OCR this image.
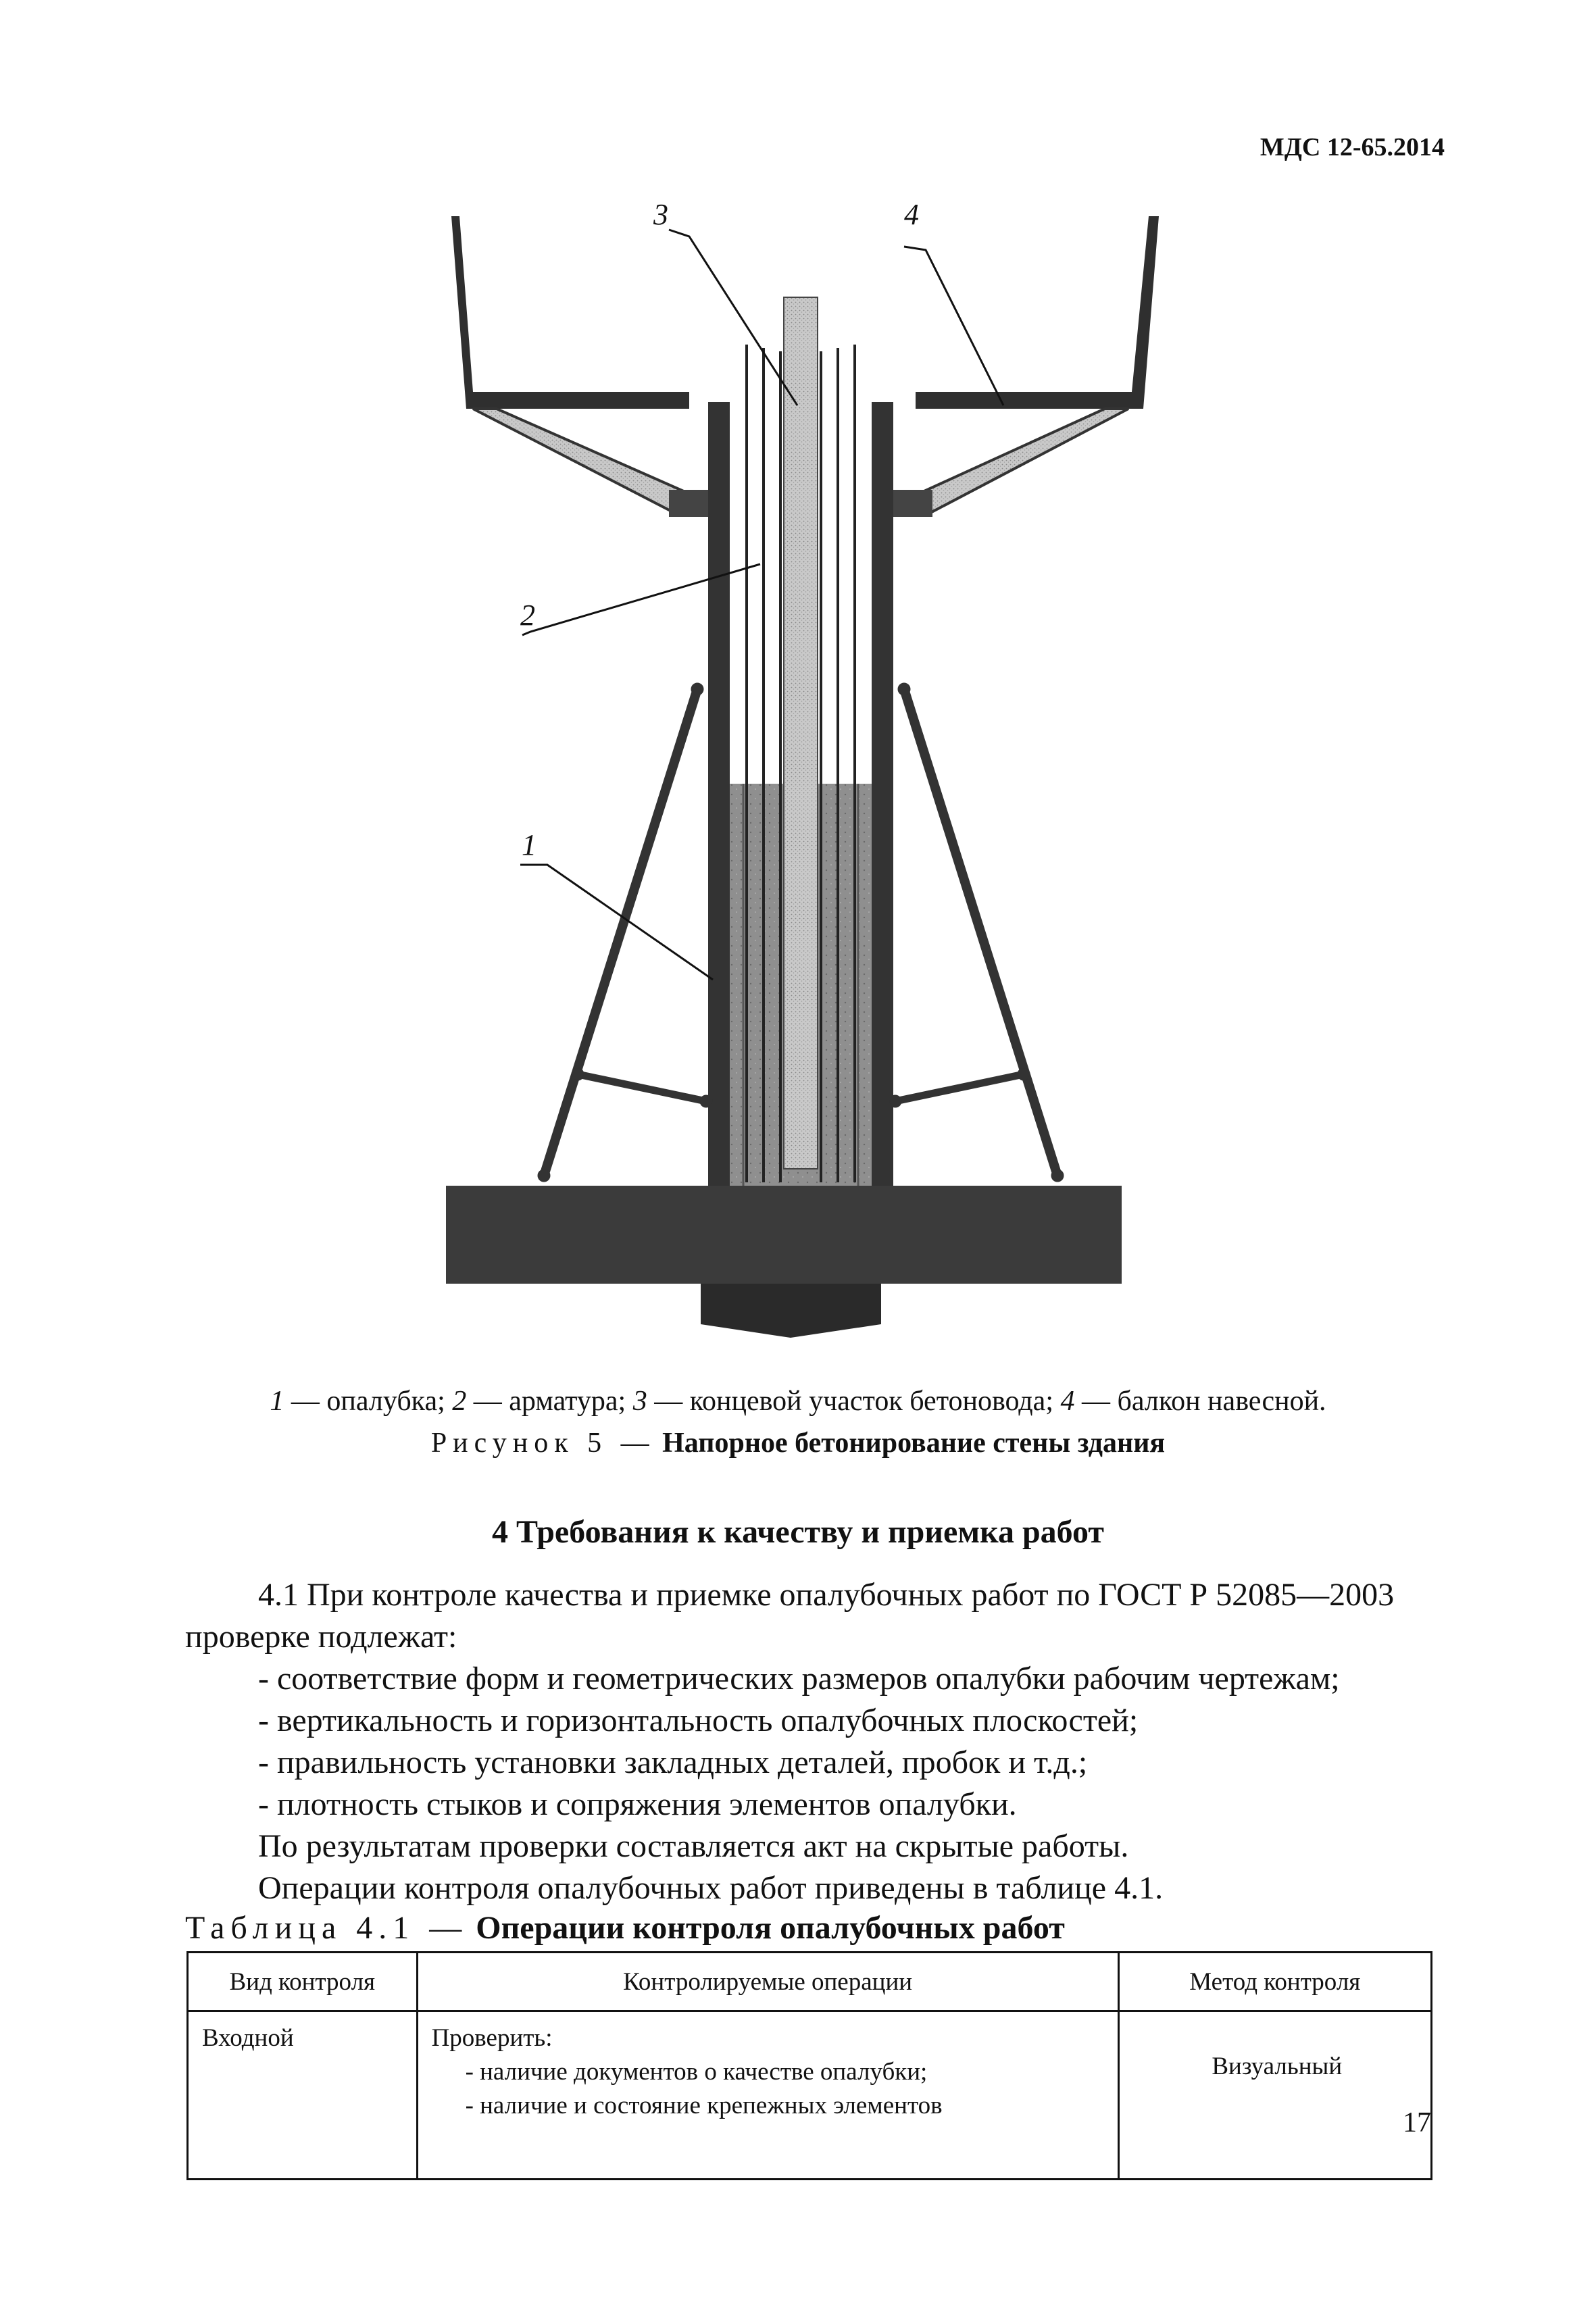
МДС 12-65.2014
3	4
2
1
1 — опалубка; 2 — арматура; 3 — концевой участок бетоновода; 4 — балкон навесной.
Рисунок 5 — Напорное бетонирование стены здания
4 Требования к качеству и приемка работ
4.1 При контроле качества и приемке опалубочных работ по ГОСТ Р 52085—2003
проверке подлежат:
- соответствие форм и геометрических размеров опалубки рабочим чертежам;
- вертикальность и горизонтальность опалубочных плоскостей;
- правильность установки закладных деталей, пробок и т.д.;
- плотность стыков и сопряжения элементов опалубки.
По результатам проверки составляется акт на скрытые работы.
Операции контроля опалубочных работ приведены в таблице 4.1.
Таблица 4.1 — Операции контроля опалубочных работ
Вид контроля	Контролируемые операции	Метод контроля
Входной	Проверить:
- наличие документов о качестве опалубки;
- наличие и состояние крепежных элементов	Визуальный
17
